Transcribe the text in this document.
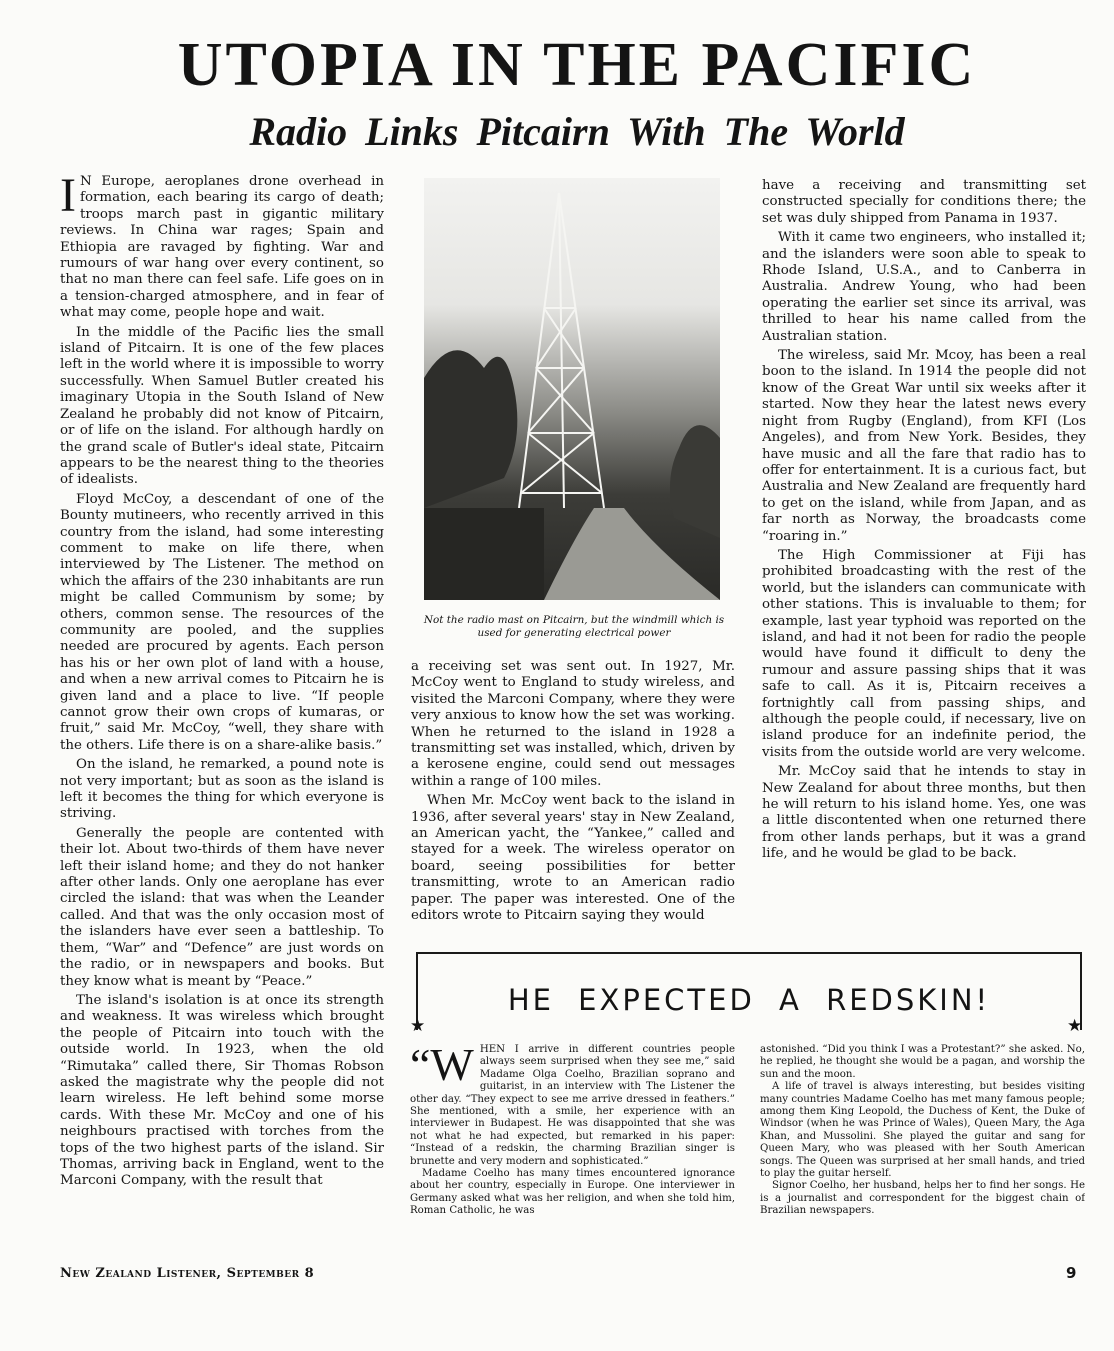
UTOPIA IN THE PACIFIC
Radio Links Pitcairn With The World

I N Europe, aeroplanes drone overhead in formation, each bearing its cargo of death; troops march past in gigantic military reviews. In China war rages; Spain and Ethiopia are ravaged by fighting. War and rumours of war hang over every continent, so that no man there can feel safe. Life goes on in a tension-charged atmosphere, and in fear of what may come, people hope and wait.

In the middle of the Pacific lies the small island of Pitcairn. It is one of the few places left in the world where it is impossible to worry successfully. When Samuel Butler created his imaginary Utopia in the South Island of New Zealand he probably did not know of Pitcairn, or of life on the island. For although hardly on the grand scale of Butler's ideal state, Pitcairn appears to be the nearest thing to the theories of idealists.

Floyd McCoy, a descendant of one of the Bounty mutineers, who recently arrived in this country from the island, had some interesting comment to make on life there, when interviewed by The Listener. The method on which the affairs of the 230 inhabitants are run might be called Communism by some; by others, common sense. The resources of the community are pooled, and the supplies needed are procured by agents. Each person has his or her own plot of land with a house, and when a new arrival comes to Pitcairn he is given land and a place to live. “If people cannot grow their own crops of kumaras, or fruit,” said Mr. McCoy, “well, they share with the others. Life there is on a share-alike basis.”

On the island, he remarked, a pound note is not very important; but as soon as the island is left it becomes the thing for which everyone is striving.

Generally the people are contented with their lot. About two-thirds of them have never left their island home; and they do not hanker after other lands. Only one aeroplane has ever circled the island: that was when the Leander called. And that was the only occasion most of the islanders have ever seen a battleship. To them, “War” and “Defence” are just words on the radio, or in newspapers and books. But they know what is meant by “Peace.”

The island's isolation is at once its strength and weakness. It was wireless which brought the people of Pitcairn into touch with the outside world. In 1923, when the old “Rimutaka” called there, Sir Thomas Robson asked the magistrate why the people did not learn wireless. He left behind some morse cards. With these Mr. McCoy and one of his neighbours practised with torches from the tops of the two highest parts of the island. Sir Thomas, arriving back in England, went to the Marconi Company, with the result that

Not the radio mast on Pitcairn, but the windmill which is used for generating electrical power

a receiving set was sent out. In 1927, Mr. McCoy went to England to study wireless, and visited the Marconi Company, where they were very anxious to know how the set was working. When he returned to the island in 1928 a transmitting set was installed, which, driven by a kerosene engine, could send out messages within a range of 100 miles.

When Mr. McCoy went back to the island in 1936, after several years' stay in New Zealand, an American yacht, the “Yankee,” called and stayed for a week. The wireless operator on board, seeing possibilities for better transmitting, wrote to an American radio paper. The paper was interested. One of the editors wrote to Pitcairn saying they would

have a receiving and transmitting set constructed specially for conditions there; the set was duly shipped from Panama in 1937.

With it came two engineers, who installed it; and the islanders were soon able to speak to Rhode Island, U.S.A., and to Canberra in Australia. Andrew Young, who had been operating the earlier set since its arrival, was thrilled to hear his name called from the Australian station.

The wireless, said Mr. Mcoy, has been a real boon to the island. In 1914 the people did not know of the Great War until six weeks after it started. Now they hear the latest news every night from Rugby (England), from KFI (Los Angeles), and from New York. Besides, they have music and all the fare that radio has to offer for entertainment. It is a curious fact, but Australia and New Zealand are frequently hard to get on the island, while from Japan, and as far north as Norway, the broadcasts come “roaring in.”

The High Commissioner at Fiji has prohibited broadcasting with the rest of the world, but the islanders can communicate with other stations. This is invaluable to them; for example, last year typhoid was reported on the island, and had it not been for radio the people would have found it difficult to deny the rumour and assure passing ships that it was safe to call. As it is, Pitcairn receives a fortnightly call from passing ships, and although the people could, if necessary, live on island produce for an indefinite period, the visits from the outside world are very welcome.

Mr. McCoy said that he intends to stay in New Zealand for about three months, but then he will return to his island home. Yes, one was a little discontented when one returned there from other lands perhaps, but it was a grand life, and he would be glad to be back.

HE EXPECTED A REDSKIN!
★	★

“W HEN I arrive in different countries people always seem surprised when they see me,” said Madame Olga Coelho, Brazilian soprano and guitarist, in an interview with The Listener the other day. “They expect to see me arrive dressed in feathers.” She mentioned, with a smile, her experience with an interviewer in Budapest. He was disappointed that she was not what he had expected, but remarked in his paper: “Instead of a redskin, the charming Brazilian singer is brunette and very modern and sophisticated.”

Madame Coelho has many times encountered ignorance about her country, especially in Europe. One interviewer in Germany asked what was her religion, and when she told him, Roman Catholic, he was

astonished. “Did you think I was a Protestant?” she asked. No, he replied, he thought she would be a pagan, and worship the sun and the moon.

A life of travel is always interesting, but besides visiting many countries Madame Coelho has met many famous people; among them King Leopold, the Duchess of Kent, the Duke of Windsor (when he was Prince of Wales), Queen Mary, the Aga Khan, and Mussolini. She played the guitar and sang for Queen Mary, who was pleased with her South American songs. The Queen was surprised at her small hands, and tried to play the guitar herself.

Signor Coelho, her husband, helps her to find her songs. He is a journalist and correspondent for the biggest chain of Brazilian newspapers.

New Zealand Listener, September 8	9
